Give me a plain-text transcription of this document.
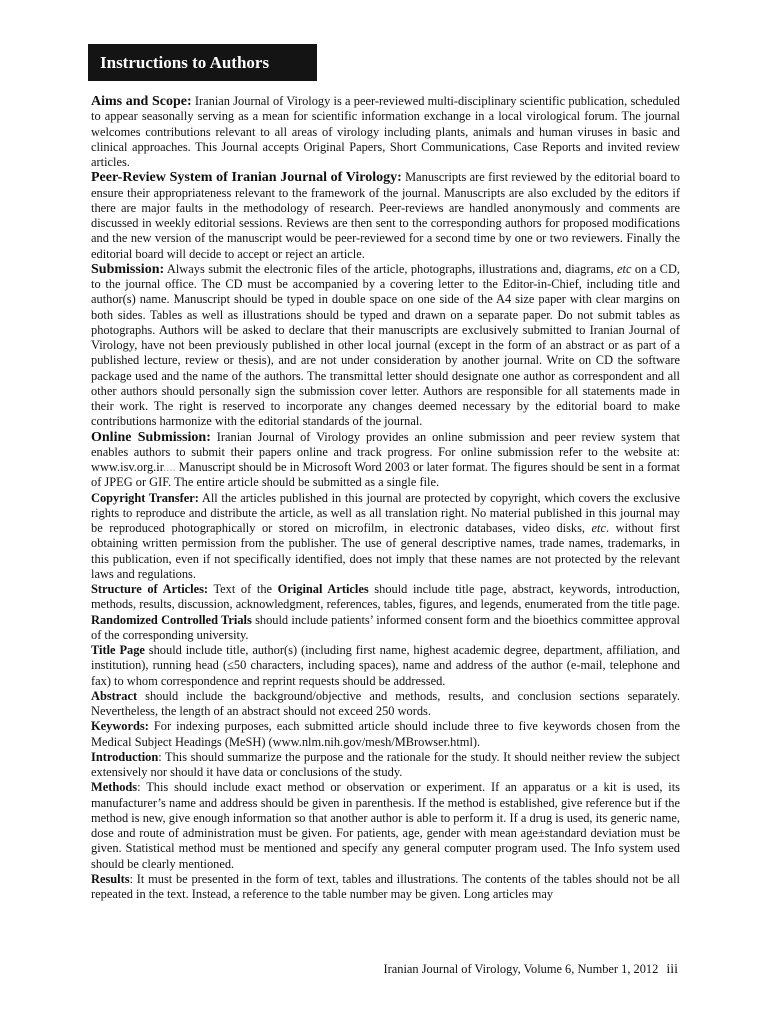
Instructions to Authors

Aims and Scope: Iranian Journal of Virology is a peer-reviewed multi-disciplinary scientific publication, scheduled to appear seasonally serving as a mean for scientific information exchange in a local virological forum. The journal welcomes contributions relevant to all areas of virology including plants, animals and human viruses in basic and clinical approaches. This Journal accepts Original Papers, Short Communications, Case Reports and invited review articles.

Peer-Review System of Iranian Journal of Virology: Manuscripts are first reviewed by the editorial board to ensure their appropriateness relevant to the framework of the journal. Manuscripts are also excluded by the editors if there are major faults in the methodology of research. Peer-reviews are handled anonymously and comments are discussed in weekly editorial sessions. Reviews are then sent to the corresponding authors for proposed modifications and the new version of the manuscript would be peer-reviewed for a second time by one or two reviewers. Finally the editorial board will decide to accept or reject an article.

Submission: Always submit the electronic files of the article, photographs, illustrations and, diagrams, etc on a CD, to the journal office. The CD must be accompanied by a covering letter to the Editor-in-Chief, including title and author(s) name. Manuscript should be typed in double space on one side of the A4 size paper with clear margins on both sides. Tables as well as illustrations should be typed and drawn on a separate paper. Do not submit tables as photographs. Authors will be asked to declare that their manuscripts are exclusively submitted to Iranian Journal of Virology, have not been previously published in other local journal (except in the form of an abstract or as part of a published lecture, review or thesis), and are not under consideration by another journal. Write on CD the software package used and the name of the authors. The transmittal letter should designate one author as correspondent and all other authors should personally sign the submission cover letter. Authors are responsible for all statements made in their work. The right is reserved to incorporate any changes deemed necessary by the editorial board to make contributions harmonize with the editorial standards of the journal.

Online Submission: Iranian Journal of Virology provides an online submission and peer review system that enables authors to submit their papers online and track progress. For online submission refer to the website at: www.isv.org.ir.... Manuscript should be in Microsoft Word 2003 or later format. The figures should be sent in a format of JPEG or GIF. The entire article should be submitted as a single file.

Copyright Transfer: All the articles published in this journal are protected by copyright, which covers the exclusive rights to reproduce and distribute the article, as well as all translation right. No material published in this journal may be reproduced photographically or stored on microfilm, in electronic databases, video disks, etc. without first obtaining written permission from the publisher. The use of general descriptive names, trade names, trademarks, in this publication, even if not specifically identified, does not imply that these names are not protected by the relevant laws and regulations.

Structure of Articles: Text of the Original Articles should include title page, abstract, keywords, introduction, methods, results, discussion, acknowledgment, references, tables, figures, and legends, enumerated from the title page. Randomized Controlled Trials should include patients’ informed consent form and the bioethics committee approval of the corresponding university.

Title Page should include title, author(s) (including first name, highest academic degree, department, affiliation, and institution), running head (≤50 characters, including spaces), name and address of the author (e-mail, telephone and fax) to whom correspondence and reprint requests should be addressed.

Abstract should include the background/objective and methods, results, and conclusion sections separately. Nevertheless, the length of an abstract should not exceed 250 words.

Keywords: For indexing purposes, each submitted article should include three to five keywords chosen from the Medical Subject Headings (MeSH) (www.nlm.nih.gov/mesh/MBrowser.html).

Introduction: This should summarize the purpose and the rationale for the study. It should neither review the subject extensively nor should it have data or conclusions of the study.

Methods: This should include exact method or observation or experiment. If an apparatus or a kit is used, its manufacturer’s name and address should be given in parenthesis. If the method is established, give reference but if the method is new, give enough information so that another author is able to perform it. If a drug is used, its generic name, dose and route of administration must be given. For patients, age, gender with mean age±standard deviation must be given. Statistical method must be mentioned and specify any general computer program used. The Info system used should be clearly mentioned.

Results: It must be presented in the form of text, tables and illustrations. The contents of the tables should not be all repeated in the text. Instead, a reference to the table number may be given. Long articles may

Iranian Journal of Virology, Volume 6, Number 1, 2012 iii
